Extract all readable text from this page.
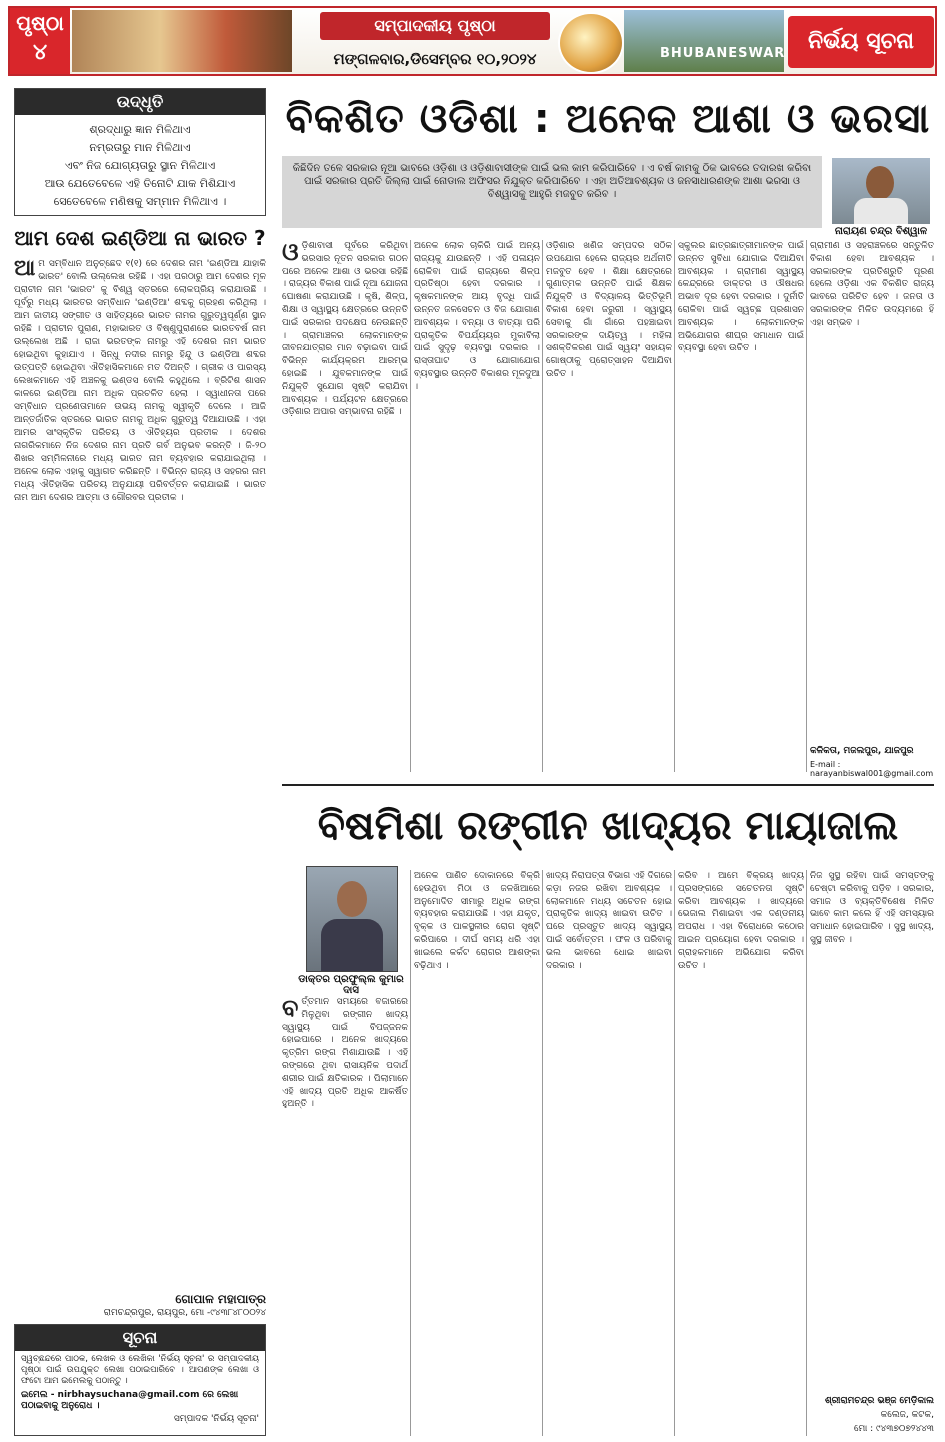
ପୃଷ୍ଠା
୪
ସମ୍ପାଦକୀୟ ପୃଷ୍ଠା
ମଙ୍ଗଳବାର,ଡିସେମ୍ବର ୧୦,୨୦୨୪	BHUBANESWAR	ନିର୍ଭୟ ସୂଚନା
ଉଦ୍ଧୃତି
ଶ୍ରଦ୍ଧାରୁ ଜ୍ଞାନ ମିଳିଥାଏ
ନମ୍ରତାରୁ ମାନ ମିଳିଥାଏ
ଏବଂ ନିଜ ଯୋଗ୍ୟତାରୁ ସ୍ଥାନ ମିଳିଥାଏ
ଆଉ ଯେତେବେଳେ ଏହି ତିନୋଟି ଯାକ ମିଶିଯାଏ
ସେତେବେଳେ ମଣିଷକୁ ସମ୍ମାନ ମିଳିଥାଏ ।
ଆମ ଦେଶ ଇଣ୍ଡିଆ ନା ଭାରତ ?
ଆମ ସମ୍ବିଧାନ ଅନୁଚ୍ଛେଦ ୧(୧) ରେ ଦେଶର ନାମ 'ଇଣ୍ଡିଆ ଯାହାକି ଭାରତ' ବୋଲି ଉଲ୍ଲେଖ ରହିଛି । ଏହା ପରଠାରୁ ଆମ ଦେଶର ମୂଳ ପ୍ରାଚୀନ ନାମ 'ଭାରତ' କୁ ବିଶ୍ୱ ସ୍ତରରେ ଲୋକପ୍ରିୟ କରାଯାଉଛି । ପୂର୍ବରୁ ମଧ୍ୟ ଭାରତର ସମ୍ବିଧାନ 'ଇଣ୍ଡିଆ' ଶବ୍ଦକୁ ଗ୍ରହଣ କରିଥିଲା । ଆମ ଜାତୀୟ ସଙ୍ଗୀତ ଓ ସାହିତ୍ୟରେ ଭାରତ ନାମର ଗୁରୁତ୍ୱପୂର୍ଣ୍ଣ ସ୍ଥାନ ରହିଛି । ପ୍ରାଚୀନ ପୁରାଣ, ମହାଭାରତ ଓ ବିଷ୍ଣୁପୁରାଣରେ ଭାରତବର୍ଷ ନାମ ଉଲ୍ଲେଖ ଅଛି । ରାଜା ଭରତଙ୍କ ନାମରୁ ଏହି ଦେଶର ନାମ ଭାରତ ହୋଇଥିବା କୁହାଯାଏ । ସିନ୍ଧୁ ନଦୀର ନାମରୁ ହିନ୍ଦୁ ଓ ଇଣ୍ଡିଆ ଶବ୍ଦର ଉତ୍ପତ୍ତି ହୋଇଥିବା ଐତିହାସିକମାନେ ମତ ଦିଅନ୍ତି । ଗ୍ରୀକ ଓ ପାରସ୍ୟ ଲେଖକମାନେ ଏହି ଅଞ୍ଚଳକୁ ଇଣ୍ଡସ ବୋଲି କହୁଥିଲେ । ବ୍ରିଟିଶ ଶାସନ କାଳରେ ଇଣ୍ଡିଆ ନାମ ଅଧିକ ପ୍ରଚଳିତ ହେଲା । ସ୍ୱାଧୀନତା ପରେ ସମ୍ବିଧାନ ପ୍ରଣେତାମାନେ ଉଭୟ ନାମକୁ ସ୍ୱୀକୃତି ଦେଲେ । ଆଜି ଆନ୍ତର୍ଜାତିକ ସ୍ତରରେ ଭାରତ ନାମକୁ ଅଧିକ ଗୁରୁତ୍ୱ ଦିଆଯାଉଛି । ଏହା ଆମର ସାଂସ୍କୃତିକ ପରିଚୟ ଓ ଐତିହ୍ୟର ପ୍ରତୀକ । ଦେଶର ନାଗରିକମାନେ ନିଜ ଦେଶର ନାମ ପ୍ରତି ଗର୍ବ ଅନୁଭବ କରନ୍ତି । ଜି-୨୦ ଶିଖର ସମ୍ମିଳନୀରେ ମଧ୍ୟ ଭାରତ ନାମ ବ୍ୟବହାର କରାଯାଇଥିଲା । ଅନେକ ଲୋକ ଏହାକୁ ସ୍ୱାଗତ କରିଛନ୍ତି । ବିଭିନ୍ନ ରାଜ୍ୟ ଓ ସହରର ନାମ ମଧ୍ୟ ଐତିହାସିକ ପରିଚୟ ଅନୁଯାୟୀ ପରିବର୍ତ୍ତନ କରାଯାଇଛି । ଭାରତ ନାମ ଆମ ଦେଶର ଆତ୍ମା ଓ ଗୌରବର ପ୍ରତୀକ ।
ଗୋପାଳ ମହାପାତ୍ର
ରାମଚନ୍ଦ୍ରପୁର, ରାୟପୁର, ମୋ -୯୪୩୮୪୮୦୦୨୪
ସୂଚନା
ସ୍ୱଚ୍ଛନ୍ଦରେ ପାଠକ, ଲେଖକ ଓ ଲେଖିକା 'ନିର୍ଭୟ ସୂଚନା' ର ସମ୍ପାଦକୀୟ ପୃଷ୍ଠା ପାଇଁ ଉପଯୁକ୍ତ ଲେଖା ପଠାଇପାରିବେ । ଆପଣଙ୍କ ଲେଖା ଓ ଫଟୋ ଆମ ଇମେଲକୁ ପଠାନ୍ତୁ ।
ଇମେଲ - nirbhaysuchana@gmail.com ରେ ଲେଖା ପଠାଇବାକୁ ଅନୁରୋଧ ।
ସମ୍ପାଦକ 'ନିର୍ଭୟ ସୂଚନା'
ବିକଶିତ ଓଡିଶା : ଅନେକ ଆଶା ଓ ଭରସା
କିଛିଦିନ ତଳେ ସରକାର ନୂଆ ଭାବରେ ଓଡ଼ିଶା ଓ ଓଡ଼ିଶାବାସୀଙ୍କ ପାଇଁ ଭଲ କାମ କରିପାରିବେ । ଏ ବର୍ଷ କାମକୁ ଠିକ ଭାବରେ ତଦାରଖ କରିବା ପାଇଁ ସରକାର ପ୍ରତି ଜିଲ୍ଲା ପାଇଁ ନୋଡାଲ ଅଫିସର ନିଯୁକ୍ତ କରିପାରିବେ । ଏହା ଅତିଆବଶ୍ୟକ ଓ ଜନସାଧାରଣଙ୍କ ଆଶା ଭରସା ଓ ବିଶ୍ୱାସକୁ ଆହୁରି ମଜବୁତ କରିବ ।
ନାରାୟଣ ଚନ୍ଦ୍ର ବିଶ୍ୱାଳ
ଓଡ଼ିଶାବାସୀ ପୂର୍ବରେ କରିଥିବା ଭରସାର ନୂତନ ସରକାର ଗଠନ ପରେ ଅନେକ ଆଶା ଓ ଭରସା ରହିଛି । ରାଜ୍ୟର ବିକାଶ ପାଇଁ ନୂଆ ଯୋଜନା ଘୋଷଣା କରାଯାଉଛି । କୃଷି, ଶିଳ୍ପ, ଶିକ୍ଷା ଓ ସ୍ୱାସ୍ଥ୍ୟ କ୍ଷେତ୍ରରେ ଉନ୍ନତି ପାଇଁ ସରକାର ପଦକ୍ଷେପ ନେଉଛନ୍ତି । ଗ୍ରାମାଞ୍ଚଳର ଲୋକମାନଙ୍କ ଜୀବନଯାତ୍ରାର ମାନ ବଢ଼ାଇବା ପାଇଁ ବିଭିନ୍ନ କାର୍ଯ୍ୟକ୍ରମ ଆରମ୍ଭ ହୋଇଛି । ଯୁବକମାନଙ୍କ ପାଇଁ ନିଯୁକ୍ତି ସୁଯୋଗ ସୃଷ୍ଟି କରାଯିବା ଆବଶ୍ୟକ । ପର୍ଯ୍ୟଟନ କ୍ଷେତ୍ରରେ ଓଡ଼ିଶାର ଅପାର ସମ୍ଭାବନା ରହିଛି ।
ଅନେକ ଲୋକ ଚାକିରି ପାଇଁ ଅନ୍ୟ ରାଜ୍ୟକୁ ଯାଉଛନ୍ତି । ଏହି ପଳାୟନ ରୋକିବା ପାଇଁ ରାଜ୍ୟରେ ଶିଳ୍ପ ପ୍ରତିଷ୍ଠା ହେବା ଦରକାର । କୃଷକମାନଙ୍କ ଆୟ ବୃଦ୍ଧି ପାଇଁ ଉନ୍ନତ ଜଳସେଚନ ଓ ବିଜ ଯୋଗାଣ ଆବଶ୍ୟକ । ବନ୍ୟା ଓ ବାତ୍ୟା ପରି ପ୍ରାକୃତିକ ବିପର୍ଯ୍ୟୟର ମୁକାବିଲା ପାଇଁ ସୁଦୃଢ଼ ବ୍ୟବସ୍ଥା ଦରକାର । ରାସ୍ତାଘାଟ ଓ ଯୋଗାଯୋଗ ବ୍ୟବସ୍ଥାର ଉନ୍ନତି ବିକାଶର ମୂଳଦୁଆ ।
ଓଡ଼ିଶାର ଖଣିଜ ସମ୍ପଦର ସଠିକ ଉପଯୋଗ ହେଲେ ରାଜ୍ୟର ଅର୍ଥନୀତି ମଜବୁତ ହେବ । ଶିକ୍ଷା କ୍ଷେତ୍ରରେ ଗୁଣାତ୍ମକ ଉନ୍ନତି ପାଇଁ ଶିକ୍ଷକ ନିଯୁକ୍ତି ଓ ବିଦ୍ୟାଳୟ ଭିତ୍ତିଭୂମି ବିକାଶ ହେବା ଜରୁରୀ । ସ୍ୱାସ୍ଥ୍ୟ ସେବାକୁ ଗାଁ ଗାଁରେ ପହଞ୍ଚାଇବା ସରକାରଙ୍କ ଦାୟିତ୍ୱ । ମହିଳା ସଶକ୍ତିକରଣ ପାଇଁ ସ୍ୱୟଂ ସହାୟକ ଗୋଷ୍ଠୀକୁ ପ୍ରୋତ୍ସାହନ ଦିଆଯିବା ଉଚିତ ।
ସ୍କୁଲର ଛାତ୍ରଛାତ୍ରୀମାନଙ୍କ ପାଇଁ ଉନ୍ନତ ସୁବିଧା ଯୋଗାଇ ଦିଆଯିବା ଆବଶ୍ୟକ । ଗ୍ରାମୀଣ ସ୍ୱାସ୍ଥ୍ୟ କେନ୍ଦ୍ରରେ ଡାକ୍ତର ଓ ଔଷଧର ଅଭାବ ଦୂର ହେବା ଦରକାର । ଦୁର୍ନୀତି ରୋକିବା ପାଇଁ ସ୍ୱଚ୍ଛ ପ୍ରଶାସନ ଆବଶ୍ୟକ । ଲୋକମାନଙ୍କ ଅଭିଯୋଗର ଶୀଘ୍ର ସମାଧାନ ପାଇଁ ବ୍ୟବସ୍ଥା ହେବା ଉଚିତ ।
ଗ୍ରାମୀଣ ଓ ସହରାଞ୍ଚଳରେ ସନ୍ତୁଳିତ ବିକାଶ ହେବା ଆବଶ୍ୟକ । ସରକାରଙ୍କ ପ୍ରତିଶ୍ରୁତି ପୂରଣ ହେଲେ ଓଡ଼ିଶା ଏକ ବିକଶିତ ରାଜ୍ୟ ଭାବରେ ପରିଚିତ ହେବ । ଜନତା ଓ ସରକାରଙ୍କ ମିଳିତ ଉଦ୍ୟମରେ ହିଁ ଏହା ସମ୍ଭବ ।
କଳିକତା, ମଜଲପୁର, ଯାଜପୁର
E-mail : narayanbiswal001@gmail.com
ବିଷମିଶା ରଙ୍ଗୀନ ଖାଦ୍ୟର ମାୟାଜାଲ
ଡାକ୍ତର ପ୍ରଫୁଲ୍ଲ କୁମାର ଦାସ
ବର୍ତ୍ତମାନ ସମୟରେ ବଜାରରେ ମିଳୁଥିବା ରଙ୍ଗୀନ ଖାଦ୍ୟ ସ୍ୱାସ୍ଥ୍ୟ ପାଇଁ ବିପଜ୍ଜନକ ହୋଇପାରେ । ଅନେକ ଖାଦ୍ୟରେ କୃତ୍ରିମ ରଙ୍ଗ ମିଶାଯାଉଛି । ଏହି ରଙ୍ଗରେ ଥିବା ରାସାୟନିକ ପଦାର୍ଥ ଶରୀର ପାଇଁ କ୍ଷତିକାରକ । ପିଲାମାନେ ଏହି ଖାଦ୍ୟ ପ୍ରତି ଅଧିକ ଆକର୍ଷିତ ହୁଅନ୍ତି ।
ଅନେକ ପାଣିଚ ଦୋକାନରେ ବିକ୍ରି ହେଉଥିବା ମିଠା ଓ ଜଳଖିଆରେ ଅନୁମୋଦିତ ସୀମାରୁ ଅଧିକ ରଙ୍ଗ ବ୍ୟବହାର କରାଯାଉଛି । ଏହା ଯକୃତ, ବୃକ୍କ ଓ ପାକସ୍ଥଳୀର ରୋଗ ସୃଷ୍ଟି କରିପାରେ । ଦୀର୍ଘ ସମୟ ଧରି ଏହା ଖାଇଲେ କର୍କଟ ରୋଗର ଆଶଙ୍କା ବଢ଼ିଥାଏ ।
ଖାଦ୍ୟ ନିରାପତ୍ତା ବିଭାଗ ଏହି ଦିଗରେ କଡ଼ା ନଜର ରଖିବା ଆବଶ୍ୟକ । ଲୋକମାନେ ମଧ୍ୟ ସଚେତନ ହୋଇ ପ୍ରାକୃତିକ ଖାଦ୍ୟ ଖାଇବା ଉଚିତ । ଘରେ ପ୍ରସ୍ତୁତ ଖାଦ୍ୟ ସ୍ୱାସ୍ଥ୍ୟ ପାଇଁ ସର୍ବୋତ୍ତମ । ଫଳ ଓ ପରିବାକୁ ଭଲ ଭାବରେ ଧୋଇ ଖାଇବା ଦରକାର ।
କରିବ । ଆମେ ବିକ୍ରୟ ଖାଦ୍ୟ ପ୍ରସଙ୍ଗରେ ସଚେତନତା ସୃଷ୍ଟି କରିବା ଆବଶ୍ୟକ । ଖାଦ୍ୟରେ ଭେଜାଲ ମିଶାଇବା ଏକ ଦଣ୍ଡନୀୟ ଅପରାଧ । ଏହା ବିରୋଧରେ କଠୋର ଆଇନ ପ୍ରୟୋଗ ହେବା ଦରକାର । ଗ୍ରାହକମାନେ ଅଭିଯୋଗ କରିବା ଉଚିତ ।
ନିଜ ସୁସ୍ଥ ରହିବା ପାଇଁ ସମସ୍ତଙ୍କୁ ଚେଷ୍ଟା କରିବାକୁ ପଡ଼ିବ । ସରକାର, ସମାଜ ଓ ବ୍ୟକ୍ତିବିଶେଷ ମିଳିତ ଭାବେ କାମ କଲେ ହିଁ ଏହି ସମସ୍ୟାର ସମାଧାନ ହୋଇପାରିବ । ସୁସ୍ଥ ଖାଦ୍ୟ, ସୁସ୍ଥ ଜୀବନ ।
ଶ୍ରୀରାମଚନ୍ଦ୍ର ଭଞ୍ଜ ମେଡ଼ିକାଲ
କଲେଜ, କଟକ,
ମୋ : ୯୪୩୭୦୭୨୪୪୩
